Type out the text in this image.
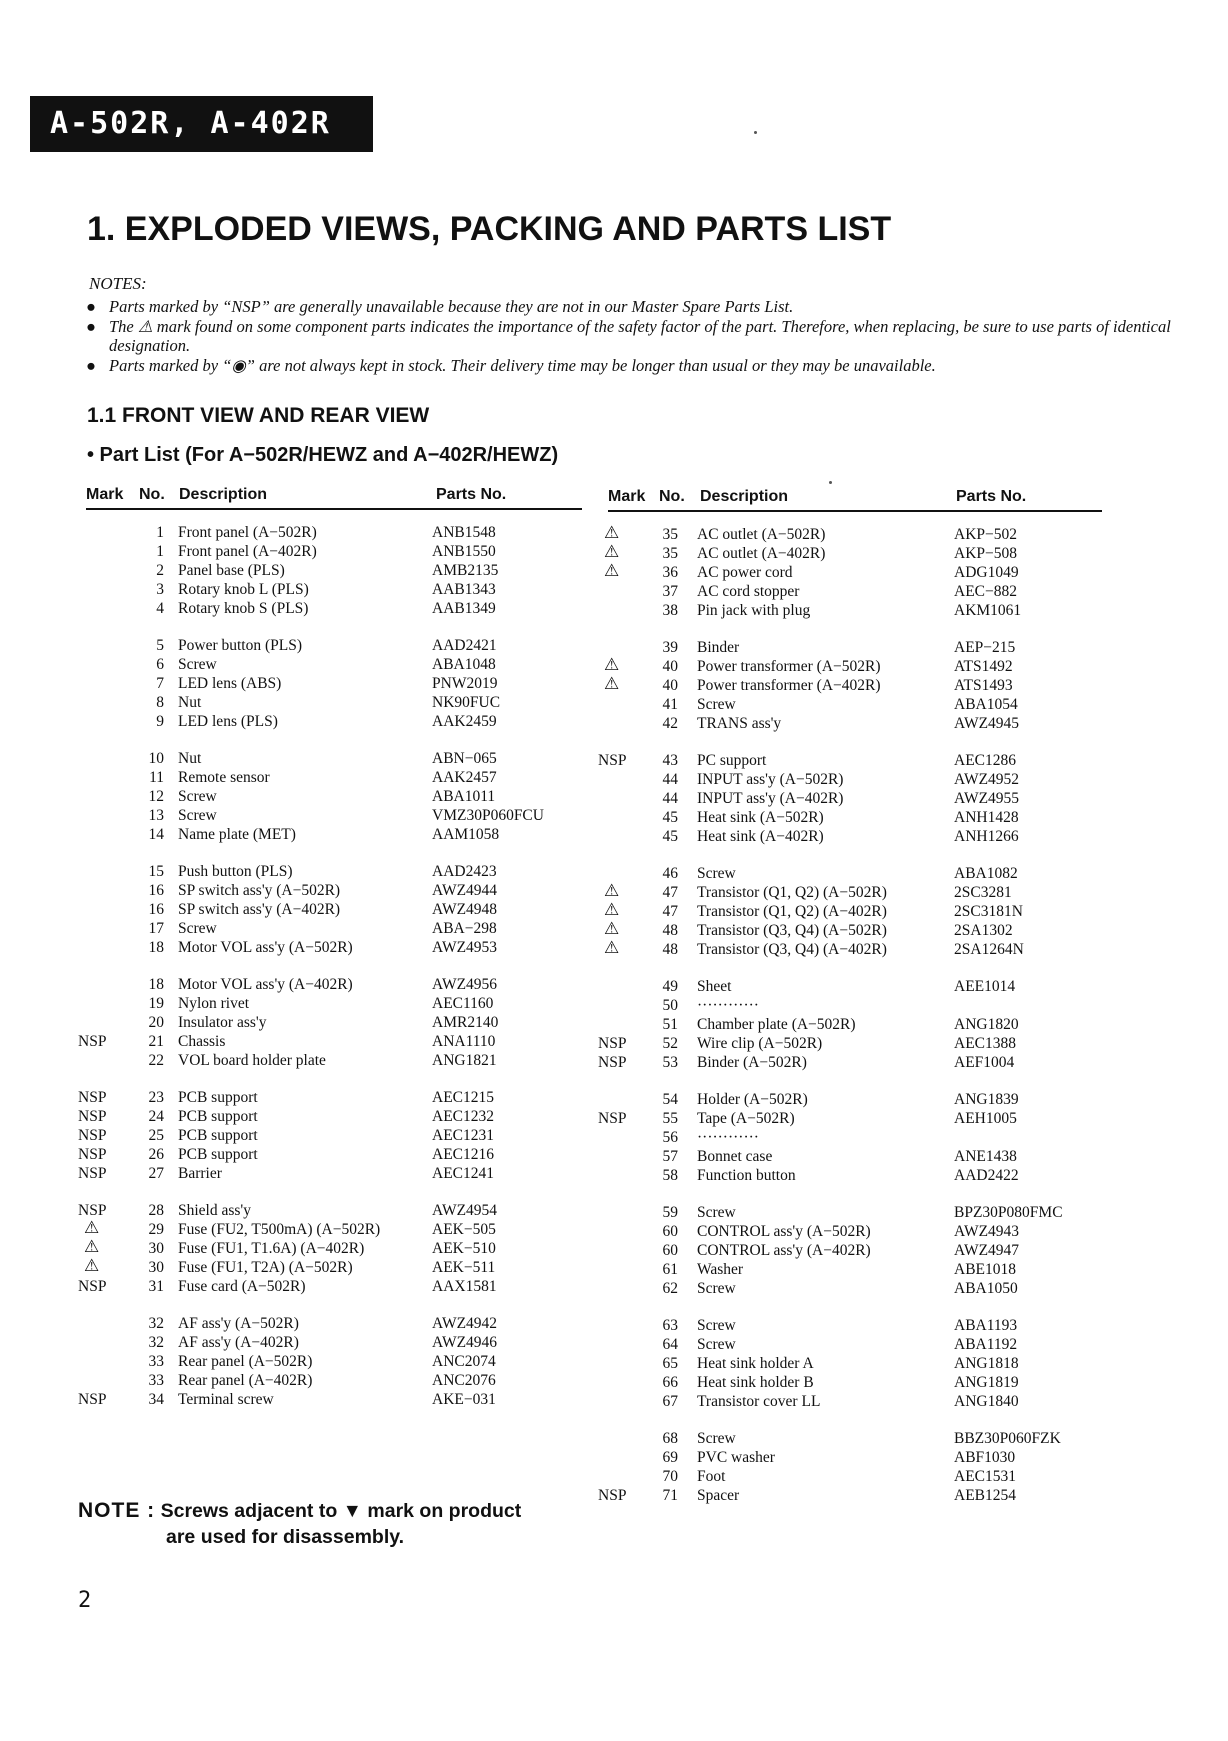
A-502R, A-402R
1. EXPLODED VIEWS, PACKING AND PARTS LIST
NOTES:
● Parts marked by “NSP” are generally unavailable because they are not in our Master Spare Parts List.
● The ⚠ mark found on some component parts indicates the importance of the safety factor of the part. Therefore, when replacing, be sure to use parts of identical designation.
● Parts marked by “◉” are not always kept in stock. Their delivery time may be longer than usual or they may be unavailable.
1.1 FRONT VIEW AND REAR VIEW
• Part List (For A−502R/HEWZ and A−402R/HEWZ)
Mark No. Description	Parts No.	Mark No. Description	Parts No.
1 Front panel (A−502R)	ANB1548
1 Front panel (A−402R)	ANB1550
2 Panel base (PLS)	AMB2135
3 Rotary knob L (PLS)	AAB1343
4 Rotary knob S (PLS)	AAB1349
5 Power button (PLS)	AAD2421
6 Screw	ABA1048
7 LED lens (ABS)	PNW2019
8 Nut	NK90FUC
9 LED lens (PLS)	AAK2459
10 Nut	ABN−065
11 Remote sensor	AAK2457
12 Screw	ABA1011
13 Screw	VMZ30P060FCU
14 Name plate (MET)	AAM1058
15 Push button (PLS)	AAD2423
16 SP switch ass'y (A−502R)	AWZ4944
16 SP switch ass'y (A−402R)	AWZ4948
17 Screw	ABA−298
18 Motor VOL ass'y (A−502R)	AWZ4953
18 Motor VOL ass'y (A−402R)	AWZ4956
19 Nylon rivet	AEC1160
20 Insulator ass'y	AMR2140
NSP	21 Chassis	ANA1110
22 VOL board holder plate	ANG1821
NSP	23 PCB support	AEC1215
NSP	24 PCB support	AEC1232
NSP	25 PCB support	AEC1231
NSP	26 PCB support	AEC1216
NSP	27 Barrier	AEC1241
NSP	28 Shield ass'y	AWZ4954
⚠	29 Fuse (FU2, T500mA) (A−502R)	AEK−505
⚠	30 Fuse (FU1, T1.6A) (A−402R)	AEK−510
⚠	30 Fuse (FU1, T2A) (A−502R)	AEK−511
NSP	31 Fuse card (A−502R)	AAX1581
32 AF ass'y (A−502R)	AWZ4942
32 AF ass'y (A−402R)	AWZ4946
33 Rear panel (A−502R)	ANC2074
33 Rear panel (A−402R)	ANC2076
NSP	34 Terminal screw	AKE−031
⚠	35 AC outlet (A−502R)	AKP−502
⚠	35 AC outlet (A−402R)	AKP−508
⚠	36 AC power cord	ADG1049
37 AC cord stopper	AEC−882
38 Pin jack with plug	AKM1061
39 Binder	AEP−215
⚠	40 Power transformer (A−502R)	ATS1492
⚠	40 Power transformer (A−402R)	ATS1493
41 Screw	ABA1054
42 TRANS ass'y	AWZ4945
NSP	43 PC support	AEC1286
44 INPUT ass'y (A−502R)	AWZ4952
44 INPUT ass'y (A−402R)	AWZ4955
45 Heat sink (A−502R)	ANH1428
45 Heat sink (A−402R)	ANH1266
46 Screw	ABA1082
⚠	47 Transistor (Q1, Q2) (A−502R)	2SC3281
⚠	47 Transistor (Q1, Q2) (A−402R)	2SC3181N
⚠	48 Transistor (Q3, Q4) (A−502R)	2SA1302
⚠	48 Transistor (Q3, Q4) (A−402R)	2SA1264N
49 Sheet	AEE1014
50 ············
51 Chamber plate (A−502R)	ANG1820
NSP	52 Wire clip (A−502R)	AEC1388
NSP	53 Binder (A−502R)	AEF1004
54 Holder (A−502R)	ANG1839
NSP	55 Tape (A−502R)	AEH1005
56 ············
57 Bonnet case	ANE1438
58 Function button	AAD2422
59 Screw	BPZ30P080FMC
60 CONTROL ass'y (A−502R)	AWZ4943
60 CONTROL ass'y (A−402R)	AWZ4947
61 Washer	ABE1018
62 Screw	ABA1050
63 Screw	ABA1193
64 Screw	ABA1192
65 Heat sink holder A	ANG1818
66 Heat sink holder B	ANG1819
67 Transistor cover LL	ANG1840
68 Screw	BBZ30P060FZK
69 PVC washer	ABF1030
70 Foot	AEC1531
NSP	71 Spacer	AEB1254
NOTE : Screws adjacent to ▼ mark on product
are used for disassembly.
2
